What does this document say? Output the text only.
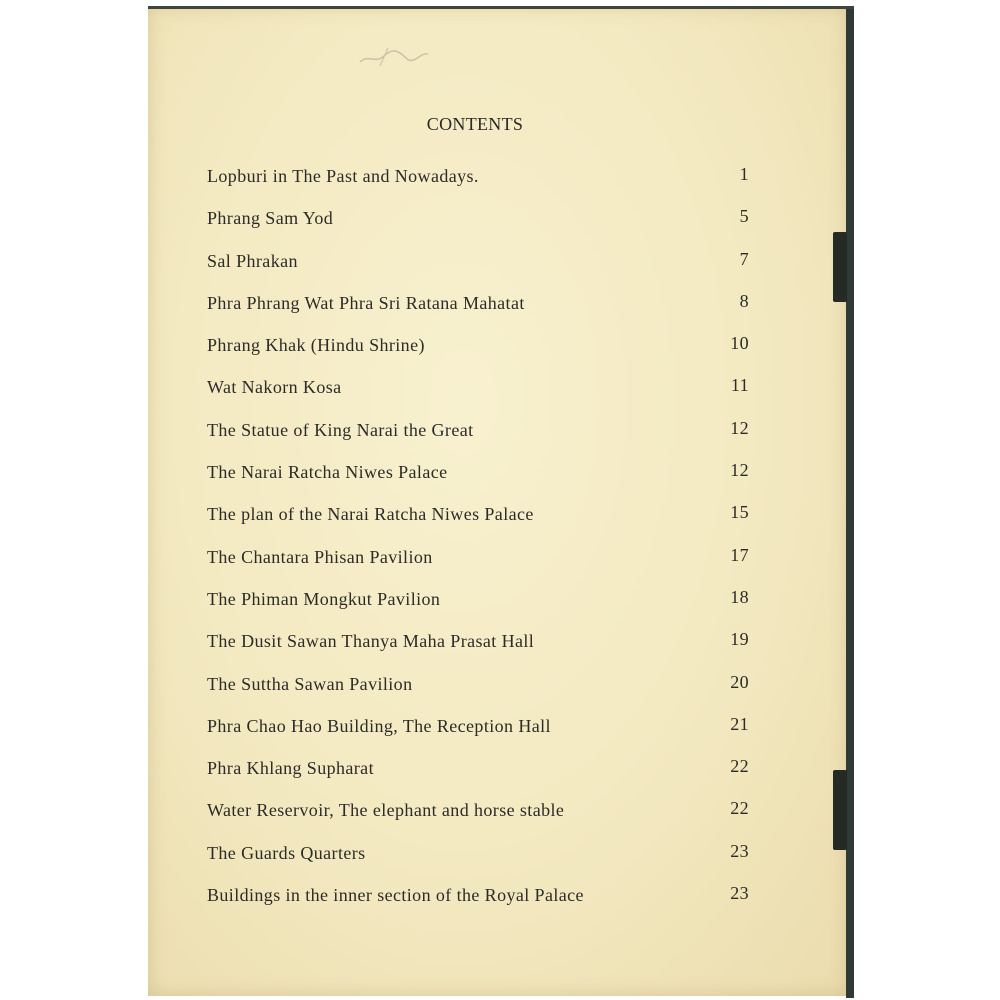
CONTENTS
Lopburi in The Past and Nowadays.	1
Phrang Sam Yod	5
Sal Phrakan	7
Phra Phrang Wat Phra Sri Ratana Mahatat	8
Phrang Khak (Hindu Shrine)	10
Wat Nakorn Kosa	11
The Statue of King Narai the Great	12
The Narai Ratcha Niwes Palace	12
The plan of the Narai Ratcha Niwes Palace	15
The Chantara Phisan Pavilion	17
The Phiman Mongkut Pavilion	18
The Dusit Sawan Thanya Maha Prasat Hall	19
The Suttha Sawan Pavilion	20
Phra Chao Hao Building, The Reception Hall	21
Phra Khlang Supharat	22
Water Reservoir, The elephant and horse stable	22
The Guards Quarters	23
Buildings in the inner section of the Royal Palace	23
